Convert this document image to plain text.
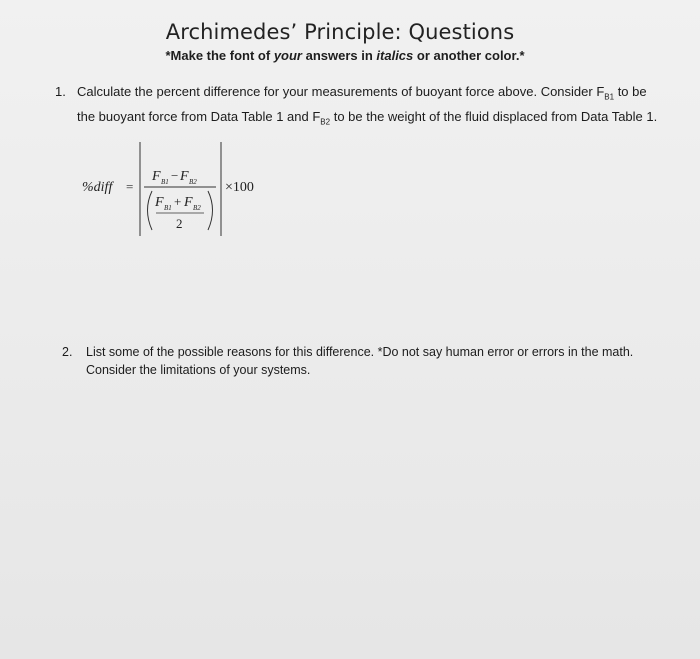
Archimedes’ Principle: Questions
*Make the font of your answers in italics or another color.*
1. Calculate the percent difference for your measurements of buoyant force above. Consider $F_{B1}$ to be the buoyant force from Data Table 1 and $F_{B2}$ to be the weight of the fluid displaced from Data Table 1.
%diff =
F B1 − F B2
F B1 + F B2
2
×100
2. List some of the possible reasons for this difference. *Do not say human error or errors in the math. Consider the limitations of your systems.
